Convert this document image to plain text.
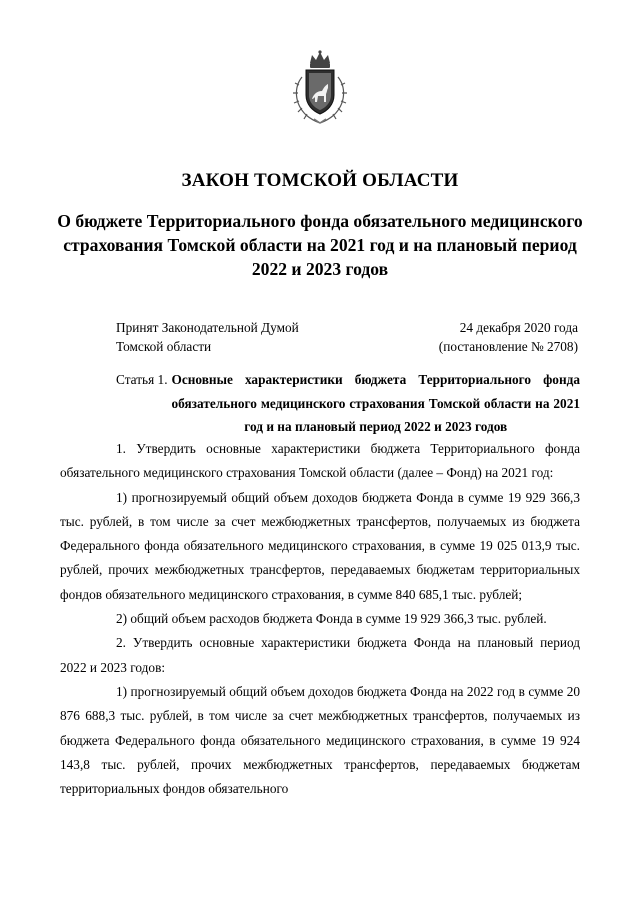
ЗАКОН ТОМСКОЙ ОБЛАСТИ
О бюджете Территориального фонда обязательного медицинского страхования Томской области на 2021 год и на плановый период 2022 и 2023 годов
Принят Законодательной Думой
Томской области
24 декабря 2020 года
(постановление № 2708)
Статья 1. Основные характеристики бюджета Территориального фонда обязательного медицинского страхования Томской области на 2021 год и на плановый период 2022 и 2023 годов

1. Утвердить основные характеристики бюджета Территориального фонда обязательного медицинского страхования Томской области (далее – Фонд) на 2021 год:

1) прогнозируемый общий объем доходов бюджета Фонда в сумме 19 929 366,3 тыс. рублей, в том числе за счет межбюджетных трансфертов, получаемых из бюджета Федерального фонда обязательного медицинского страхования, в сумме 19 025 013,9 тыс. рублей, прочих межбюджетных трансфертов, передаваемых бюджетам территориальных фондов обязательного медицинского страхования, в сумме 840 685,1 тыс. рублей;

2) общий объем расходов бюджета Фонда в сумме 19 929 366,3 тыс. рублей.

2. Утвердить основные характеристики бюджета Фонда на плановый период 2022 и 2023 годов:

1) прогнозируемый общий объем доходов бюджета Фонда на 2022 год в сумме 20 876 688,3 тыс. рублей, в том числе за счет межбюджетных трансфертов, получаемых из бюджета Федерального фонда обязательного медицинского страхования, в сумме 19 924 143,8 тыс. рублей, прочих межбюджетных трансфертов, передаваемых бюджетам территориальных фондов обязательного
